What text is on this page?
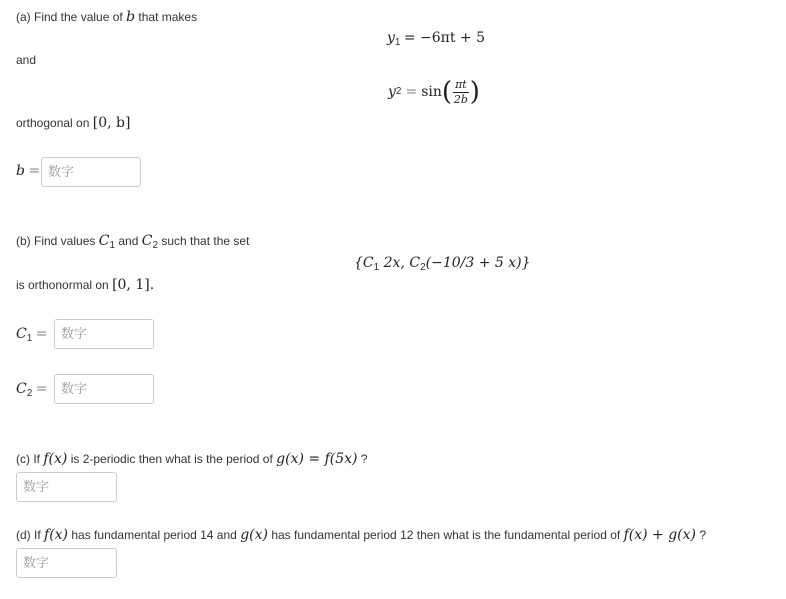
(a) Find the value of b that makes
$y_1 = -6\pi t + 5$
and
y 2 = sin ( $\frac{\pi t}{2b}$ )
orthogonal on [0, b]
b =
数字
(b) Find values $C_1$ and $C_2$ such that the set
{$C_1$ 2x, $C_2(-10/3 + 5$ x)}
is orthonormal on [0, 1].
$C_1$ =
数字
$C_2$ =
数字
(c) If f(x) is 2-periodic then what is the period of g(x) = f(5x) ?
数字
(d) If f(x) has fundamental period 14 and g(x) has fundamental period 12 then what is the fundamental period of f(x) + g(x) ?
数字
